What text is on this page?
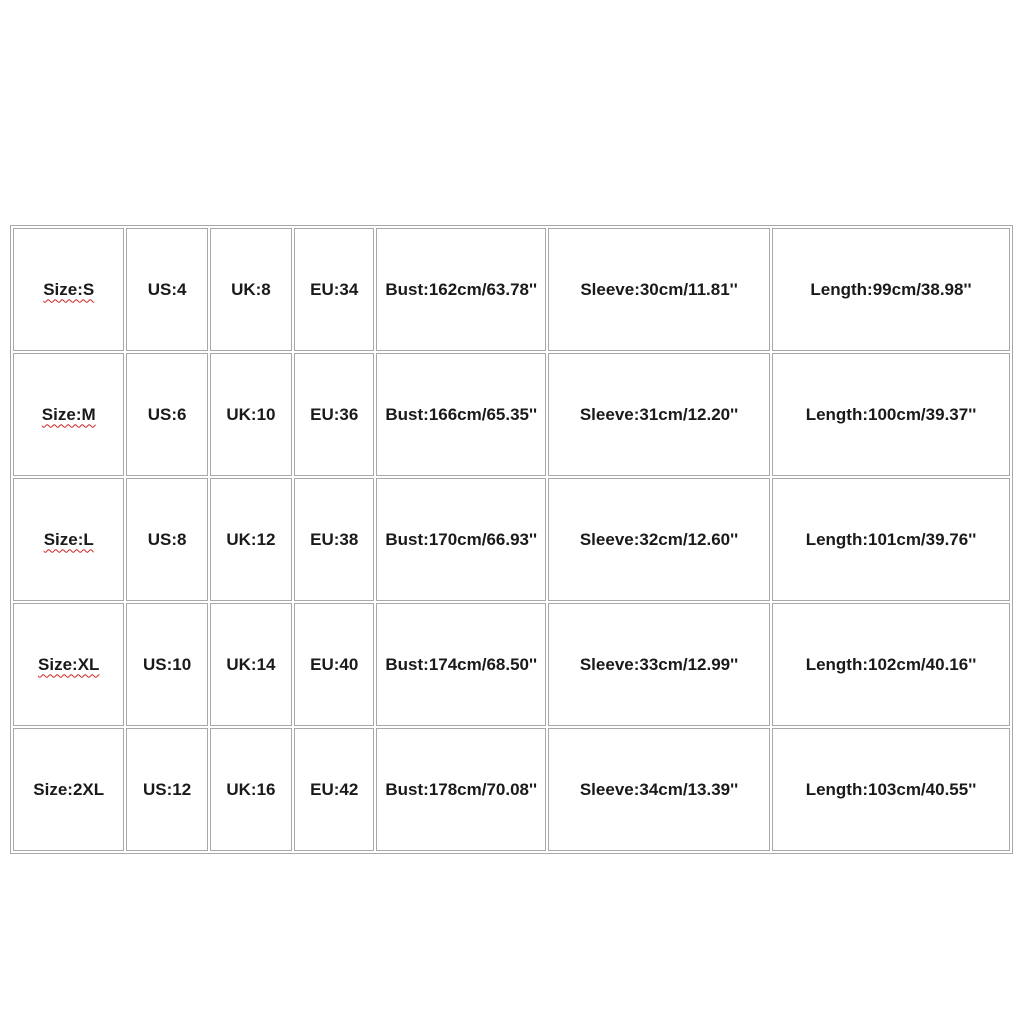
Size:S	US:4	UK:8	EU:34	Bust:162cm/63.78''	Sleeve:30cm/11.81''	Length:99cm/38.98''
Size:M	US:6	UK:10	EU:36	Bust:166cm/65.35''	Sleeve:31cm/12.20''	Length:100cm/39.37''
Size:L	US:8	UK:12	EU:38	Bust:170cm/66.93''	Sleeve:32cm/12.60''	Length:101cm/39.76''
Size:XL	US:10	UK:14	EU:40	Bust:174cm/68.50''	Sleeve:33cm/12.99''	Length:102cm/40.16''
Size:2XL	US:12	UK:16	EU:42	Bust:178cm/70.08''	Sleeve:34cm/13.39''	Length:103cm/40.55''
